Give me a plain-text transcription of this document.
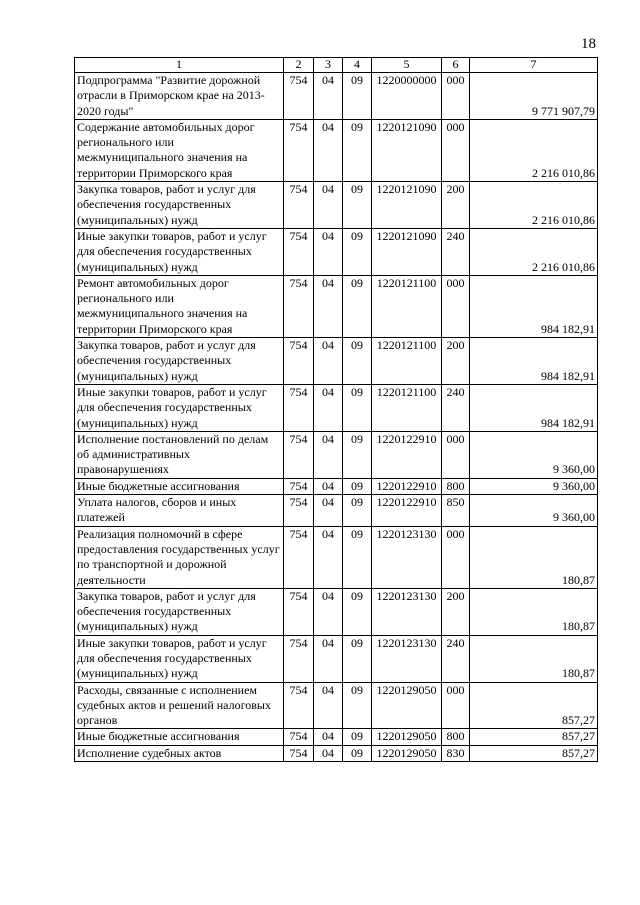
18
1	2	3	4	5	6	7
Подпрограмма "Развитие дорожной отрасли в Приморском крае на 2013-2020 годы"	754	04	09	1220000000	000	9 771 907,79
Содержание автомобильных дорог регионального или межмуниципального значения на территории Приморского края	754	04	09	1220121090	000	2 216 010,86
Закупка товаров, работ и услуг для обеспечения государственных (муниципальных) нужд	754	04	09	1220121090	200	2 216 010,86
Иные закупки товаров, работ и услуг для обеспечения государственных (муниципальных) нужд	754	04	09	1220121090	240	2 216 010,86
Ремонт автомобильных дорог регионального или межмуниципального значения на территории Приморского края	754	04	09	1220121100	000	984 182,91
Закупка товаров, работ и услуг для обеспечения государственных (муниципальных) нужд	754	04	09	1220121100	200	984 182,91
Иные закупки товаров, работ и услуг для обеспечения государственных (муниципальных) нужд	754	04	09	1220121100	240	984 182,91
Исполнение постановлений по делам об административных правонарушениях	754	04	09	1220122910	000	9 360,00
Иные бюджетные ассигнования	754	04	09	1220122910	800	9 360,00
Уплата налогов, сборов и иных платежей	754	04	09	1220122910	850	9 360,00
Реализация полномочий в сфере предоставления государственных услуг по транспортной и дорожной деятельности	754	04	09	1220123130	000	180,87
Закупка товаров, работ и услуг для обеспечения государственных (муниципальных) нужд	754	04	09	1220123130	200	180,87
Иные закупки товаров, работ и услуг для обеспечения государственных (муниципальных) нужд	754	04	09	1220123130	240	180,87
Расходы, связанные с исполнением судебных актов и решений налоговых органов	754	04	09	1220129050	000	857,27
Иные бюджетные ассигнования	754	04	09	1220129050	800	857,27
Исполнение судебных актов	754	04	09	1220129050	830	857,27
